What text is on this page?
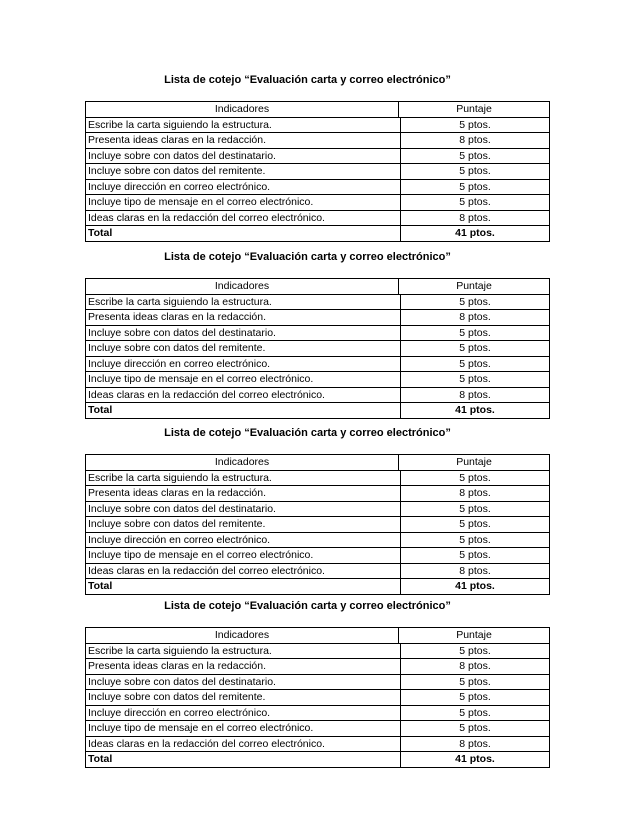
Lista de cotejo “Evaluación carta y correo electrónico”
Indicadores	Puntaje
Escribe la carta siguiendo la estructura.	5 ptos.
Presenta ideas claras en la redacción.	8 ptos.
Incluye sobre con datos del destinatario.	5 ptos.
Incluye sobre con datos del remitente.	5 ptos.
Incluye dirección en correo electrónico.	5 ptos.
Incluye tipo de mensaje en el correo electrónico.	5 ptos.
Ideas claras en la redacción del correo electrónico.	8 ptos.
Total	41 ptos.
Lista de cotejo “Evaluación carta y correo electrónico”
Indicadores	Puntaje
Escribe la carta siguiendo la estructura.	5 ptos.
Presenta ideas claras en la redacción.	8 ptos.
Incluye sobre con datos del destinatario.	5 ptos.
Incluye sobre con datos del remitente.	5 ptos.
Incluye dirección en correo electrónico.	5 ptos.
Incluye tipo de mensaje en el correo electrónico.	5 ptos.
Ideas claras en la redacción del correo electrónico.	8 ptos.
Total	41 ptos.
Lista de cotejo “Evaluación carta y correo electrónico”
Indicadores	Puntaje
Escribe la carta siguiendo la estructura.	5 ptos.
Presenta ideas claras en la redacción.	8 ptos.
Incluye sobre con datos del destinatario.	5 ptos.
Incluye sobre con datos del remitente.	5 ptos.
Incluye dirección en correo electrónico.	5 ptos.
Incluye tipo de mensaje en el correo electrónico.	5 ptos.
Ideas claras en la redacción del correo electrónico.	8 ptos.
Total	41 ptos.
Lista de cotejo “Evaluación carta y correo electrónico”
Indicadores	Puntaje
Escribe la carta siguiendo la estructura.	5 ptos.
Presenta ideas claras en la redacción.	8 ptos.
Incluye sobre con datos del destinatario.	5 ptos.
Incluye sobre con datos del remitente.	5 ptos.
Incluye dirección en correo electrónico.	5 ptos.
Incluye tipo de mensaje en el correo electrónico.	5 ptos.
Ideas claras en la redacción del correo electrónico.	8 ptos.
Total	41 ptos.
